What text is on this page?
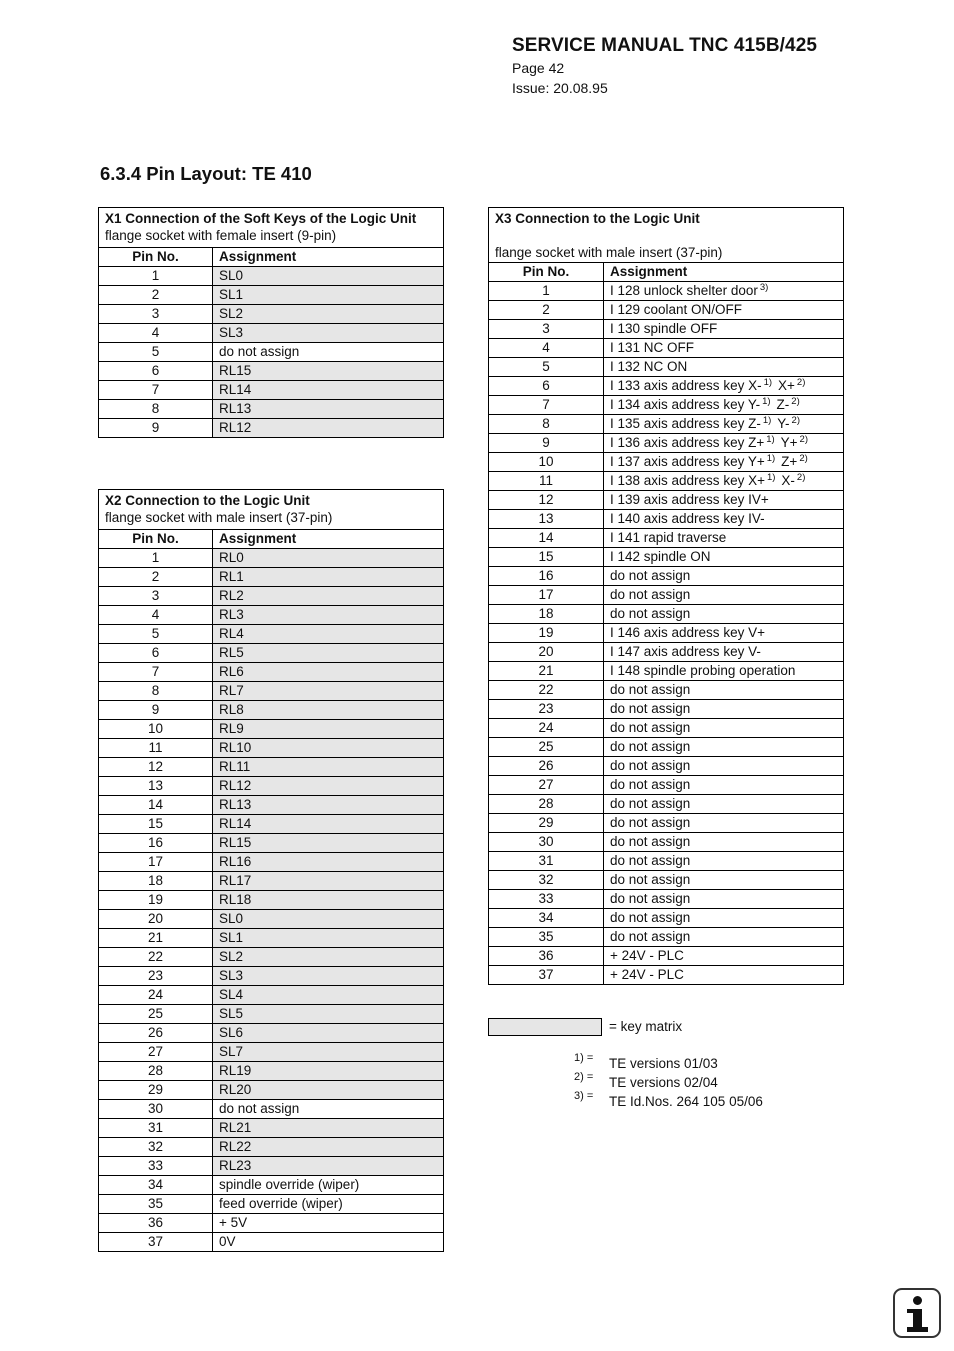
SERVICE MANUAL TNC 415B/425
Page 42
Issue: 20.08.95
6.3.4 Pin Layout: TE 410
X1 Connection of the Soft Keys of the Logic Unit
flange socket with female insert (9-pin)	

Pin No.	Assignment
1	SL0
2	SL1
3	SL2
4	SL3
5	do not assign
6	RL15
7	RL14
8	RL13
9	RL12
X2 Connection to the Logic Unit
flange socket with male insert (37-pin)	

Pin No.	Assignment
1	RL0
2	RL1
3	RL2
4	RL3
5	RL4
6	RL5
7	RL6
8	RL7
9	RL8
10	RL9
11	RL10
12	RL11
13	RL12
14	RL13
15	RL14
16	RL15
17	RL16
18	RL17
19	RL18
20	SL0
21	SL1
22	SL2
23	SL3
24	SL4
25	SL5
26	SL6
27	SL7
28	RL19
29	RL20
30	do not assign
31	RL21
32	RL22
33	RL23
34	spindle override (wiper)
35	feed override (wiper)
36	+ 5V
37	0V
X3 Connection to the Logic Unit
flange socket with male insert (37-pin)	

Pin No.	Assignment
1	I 128 unlock shelter door $^{3)}$
2	I 129 coolant ON/OFF
3	I 130 spindle OFF
4	I 131 NC OFF
5	I 132 NC ON
6	I 133 axis address key X- $^{1)}$ X+ $^{2)}$
7	I 134 axis address key Y- $^{1)}$ Z- $^{2)}$
8	I 135 axis address key Z- $^{1)}$ Y- $^{2)}$
9	I 136 axis address key Z+ $^{1)}$ Y+ $^{2)}$
10	I 137 axis address key Y+ $^{1)}$ Z+ $^{2)}$
11	I 138 axis address key X+ $^{1)}$ X- $^{2)}$
12	I 139 axis address key IV+
13	I 140 axis address key IV-
14	I 141 rapid traverse
15	I 142 spindle ON
16	do not assign
17	do not assign
18	do not assign
19	I 146 axis address key V+
20	I 147 axis address key V-
21	I 148 spindle probing operation
22	do not assign
23	do not assign
24	do not assign
25	do not assign
26	do not assign
27	do not assign
28	do not assign
29	do not assign
30	do not assign
31	do not assign
32	do not assign
33	do not assign
34	do not assign
35	do not assign
36	+ 24V - PLC
37	+ 24V - PLC
= key matrix
1) = TE versions 01/03
2) = TE versions 02/04
3) = TE Id.Nos. 264 105 05/06
